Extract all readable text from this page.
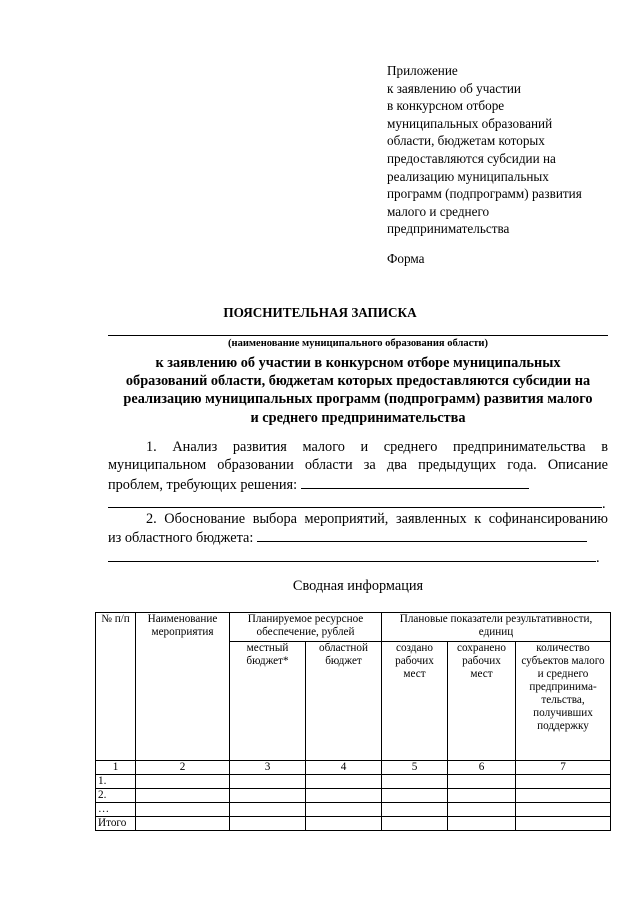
Приложение
к заявлению об участии
в конкурсном отборе
муниципальных образований
области, бюджетам которых
предоставляются субсидии на
реализацию муниципальных
программ (подпрограмм) развития
малого и среднего
предпринимательства
Форма
ПОЯСНИТЕЛЬНАЯ ЗАПИСКА
(наименование муниципального образования области)
к заявлению об участии в конкурсном отборе муниципальных
образований области, бюджетам которых предоставляются субсидии на
реализацию муниципальных программ (подпрограмм) развития малого
и среднего предпринимательства
1. Анализ развития малого и среднего предпринимательства в
муниципальном образовании области за два предыдущих года. Описание
проблем, требующих решения:
.
2. Обоснование выбора мероприятий, заявленных к софинансированию
из областного бюджета:
.
Сводная информация
№ п/п	Наименование мероприятия	Планируемое ресурсное обеспечение, рублей		Плановые показатели результативности, единиц		
		местный бюджет*	областной бюджет	создано рабочих мест	сохранено рабочих мест	количество субъектов малого и среднего предпринима-тельства, получивших поддержку
1	2	3	4	5	6	7
1.						
2.						
…						
Итого						
